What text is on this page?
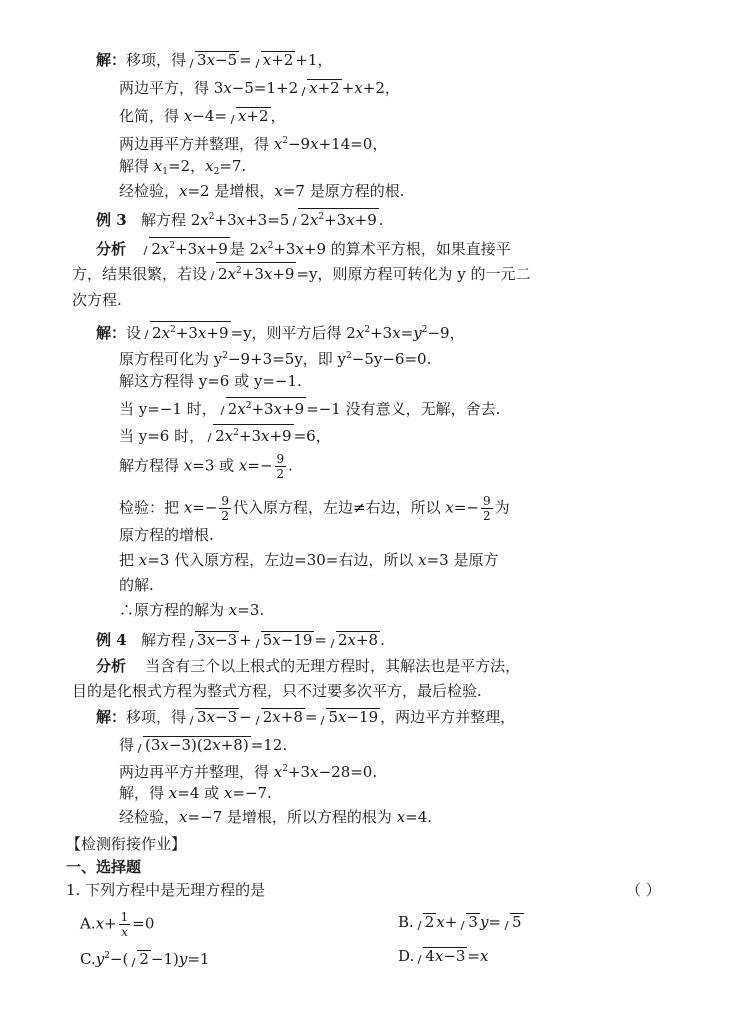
解：移项，得 3x−5 = x+2 +1，
两边平方，得 3x−5=1+2 x+2 +x+2，
化简，得 x−4= x+2 ，
两边再平方并整理，得 $x^2-9x+14=0$，
解得 $x_1=2$，$x_2=7$.
经检验，x=2 是增根，x=7 是原方程的根.
例 3 解方程 $2x^2+3x+3=5$ $2x^2+3x+9$ .
分析 $2x^2+3x+9$ 是 $2x^2+3x+9$ 的算术平方根，如果直接平
方，结果很繁，若设 $2x^2+3x+9 =y$，则原方程可转化为 y 的一元二
次方程.
解：设 $2x^2+3x+9 =y$，则平方后得 $2x^2+3x=y^2-9$，
原方程可化为 $y^2-9+3=5y$，即 $y^2-5y-6=0$.
解这方程得 y=6 或 y=−1.
当 y=−1 时， $2x^2+3x+9 =-1$ 没有意义，无解，舍去.
当 y=6 时， $2x^2+3x+9 =6$，
解方程得 x=3 或 $x=- \frac{9}{2}$ .
检验：把 $x=- \frac{9}{2}$ 代入原方程，左边≠右边，所以 $x=- \frac{9}{2}$ 为
原方程的增根.
把 x=3 代入原方程，左边=30=右边，所以 x=3 是原方
的解.
∴原方程的解为 x=3.
例 4 解方程 3x−3 + 5x−19 = 2x+8 .
分析 当含有三个以上根式的无理方程时，其解法也是平方法，
目的是化根式方程为整式方程，只不过要多次平方，最后检验.
解：移项，得 3x−3 − 2x+8 = 5x−19 ，两边平方并整理，
得 (3x−3)(2x+8) =12.
两边再平方并整理，得 $x^2+3x-28=0$.
解，得 x=4 或 x=−7.
经检验，x=−7 是增根，所以方程的根为 x=4.
【检测衔接作业】
一、选择题
1. 下列方程中是无理方程的是	（ ）
$A.x+ \frac{1}{x} =0$	B. 2 x+ 3 y= 5
$C.y^2-$( 2 −1)y=1	D. 4x−3 =x
